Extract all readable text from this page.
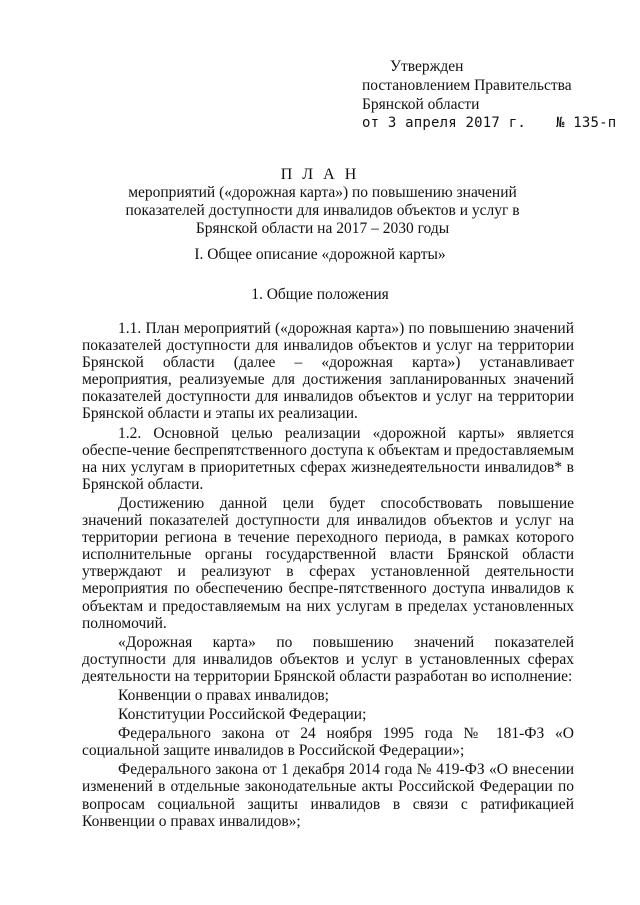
Утвержден
постановлением Правительства
Брянской области
от 3 апреля 2017 г. № 135-п
П Л А Н
мероприятий («дорожная карта») по повышению значений показателей доступности для инвалидов объектов и услуг в Брянской области на 2017 – 2030 годы
I. Общее описание «дорожной карты»
1. Общие положения

1.1. План мероприятий («дорожная карта») по повышению значений показателей доступности для инвалидов объектов и услуг на территории Брянской области (далее – «дорожная карта») устанавливает мероприятия, реализуемые для достижения запланированных значений показателей доступности для инвалидов объектов и услуг на территории Брянской области и этапы их реализации.

1.2. Основной целью реализации «дорожной карты» является обеспе-чение беспрепятственного доступа к объектам и предоставляемым на них услугам в приоритетных сферах жизнедеятельности инвалидов* в Брянской области.

Достижению данной цели будет способствовать повышение значений показателей доступности для инвалидов объектов и услуг на территории региона в течение переходного периода, в рамках которого исполнительные органы государственной власти Брянской области утверждают и реализуют в сферах установленной деятельности мероприятия по обеспечению беспре-пятственного доступа инвалидов к объектам и предоставляемым на них услугам в пределах установленных полномочий.

«Дорожная карта» по повышению значений показателей доступности для инвалидов объектов и услуг в установленных сферах деятельности на территории Брянской области разработан во исполнение:

Конвенции о правах инвалидов;

Конституции Российской Федерации;

Федерального закона от 24 ноября 1995 года № 181-ФЗ «О социальной защите инвалидов в Российской Федерации»;

Федерального закона от 1 декабря 2014 года № 419-ФЗ «О внесении изменений в отдельные законодательные акты Российской Федерации по вопросам социальной защиты инвалидов в связи с ратификацией Конвенции о правах инвалидов»;
